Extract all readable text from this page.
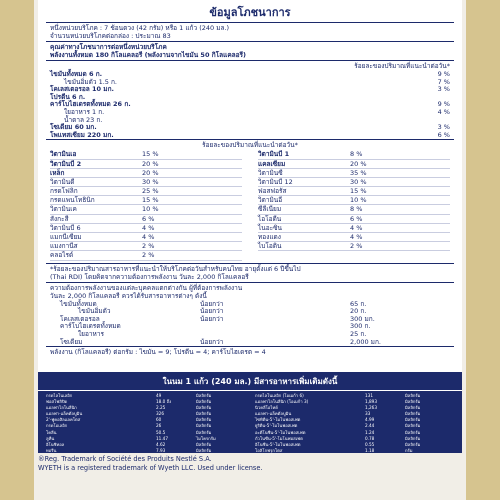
ข้อมูลโภชนาการ
หนึ่งหน่วยบริโภค : 7 ช้อนตวง (42 กรัม) หรือ 1 แก้ว (240 มล.)
จำนวนหน่วยบริโภคต่อกล่อง : ประมาณ 83
คุณค่าทางโภชนาการต่อหนึ่งหน่วยบริโภค
พลังงานทั้งหมด 180 กิโลแคลอรี (พลังงานจากไขมัน 50 กิโลแคลอรี)
ร้อยละของปริมาณที่แนะนำต่อวัน*
ไขมันทั้งหมด 6 ก.	9 %
ไขมันอิ่มตัว 1.5 ก.	7 %
โคเลสเตอรอล 10 มก.	3 %
โปรตีน 6 ก.
คาร์โบไฮเดรตทั้งหมด 26 ก.	9 %
ใยอาหาร 1 ก.	4 %
น้ำตาล 23 ก.
โซเดียม 60 มก.	3 %
โพแทสเซียม 220 มก.	6 %
ร้อยละของปริมาณที่แนะนำต่อวัน*
วิตามินเอ	15 %
วิตามินบี 2	20 %
เหล็ก	20 %
วิตามินดี	30 %
กรดโฟลิก	25 %
กรดแพนโทธินิก	15 %
วิตามินเค	10 %
สังกะสี	6 %
วิตามินบี 6	4 %
แมกนีเซียม	4 %
แมงกานีส	2 %
คลอไรด์	2 %
วิตามินบี 1	8 %
แคลเซียม	20 %
วิตามินซี	35 %
วิตามินบี 12	30 %
ฟอสฟอรัส	15 %
วิตามินอี	10 %
ซีลีเนียม	8 %
ไอโอดีน	6 %
ไนอะซิน	4 %
ทองแดง	4 %
ไบโอติน	2 %
*ร้อยละของปริมาณสารอาหารที่แนะนำให้บริโภคต่อวันสำหรับคนไทย อายุตั้งแต่ 6 ปีขึ้นไป
(Thai RDI) โดยคิดจากความต้องการพลังงาน วันละ 2,000 กิโลแคลอรี
ความต้องการพลังงานของแต่ละบุคคลแตกต่างกัน ผู้ที่ต้องการพลังงาน
วันละ 2,000 กิโลแคลอรี ควรได้รับสารอาหารต่างๆ ดังนี้
ไขมันทั้งหมด	น้อยกว่า	65 ก.
ไขมันอิ่มตัว	น้อยกว่า	20 ก.
โคเลสเตอรอล	น้อยกว่า	300 มก.
คาร์โบไฮเดรตทั้งหมด	300 ก.
ใยอาหาร	25 ก.
โซเดียม	น้อยกว่า	2,000 มก.
พลังงาน (กิโลแคลอรี) ต่อกรัม : ไขมัน = 9; โปรตีน = 4; คาร์โบไฮเดรต = 4
ในนม 1 แก้ว (240 มล.) มีสารอาหารเพิ่มเติมดังนี้
กรดไลโนเลอิก	49	มิลลิกรัม
ฟอสโฟลิปิด	18.0 ถึง	มิลลิกรัม
แอลฟาไลโนลีนิก	2.25	มิลลิกรัม
แอลฟา-แล็คตัลบูมิน	326	มิลลิกรัม
2'-ฟูคอสิลแลคโตส	60	มิลลิกรัม
กรดโอเลอิก	26	มิลลิกรัม
โคลีน	50.5	มิลลิกรัม
ลูทีน	11.47	ไมโครกรัม
อิโนซิทอล	4.62	มิลลิกรัม
ทอรีน	7.93	มิลลิกรัม
กรดไลโนเลอิก (โอเมก้า 6)	131	มิลลิกรัม
แอลฟาไลโนลีนิก (โอเมก้า 3)	1,893	มิลลิกรัม
นิวคลีโอไทด์	1,263	มิลลิกรัม
แอลฟา-แล็คตัลบูมิน	33	มิลลิกรัม
ไซทิดีน-5'-โมโนฟอสเฟต	4.99	มิลลิกรัม
ยูริดีน-5'-โมโนฟอสเฟต	2.44	มิลลิกรัม
อะดีโนซีน-5'-โมโนฟอสเฟต	1.24	มิลลิกรัม
กัวโนซีน-5'-โมโนฟอสเฟต	0.78	มิลลิกรัม
อิโนซีน-5'-โมโนฟอสเฟต	0.55	มิลลิกรัม
โอลิโกฟรุกโตส	1.18	กรัม
®Reg. Trademark of Société des Produits Nestlé S.A.
WYETH is a registered trademark of Wyeth LLC. Used under license.
